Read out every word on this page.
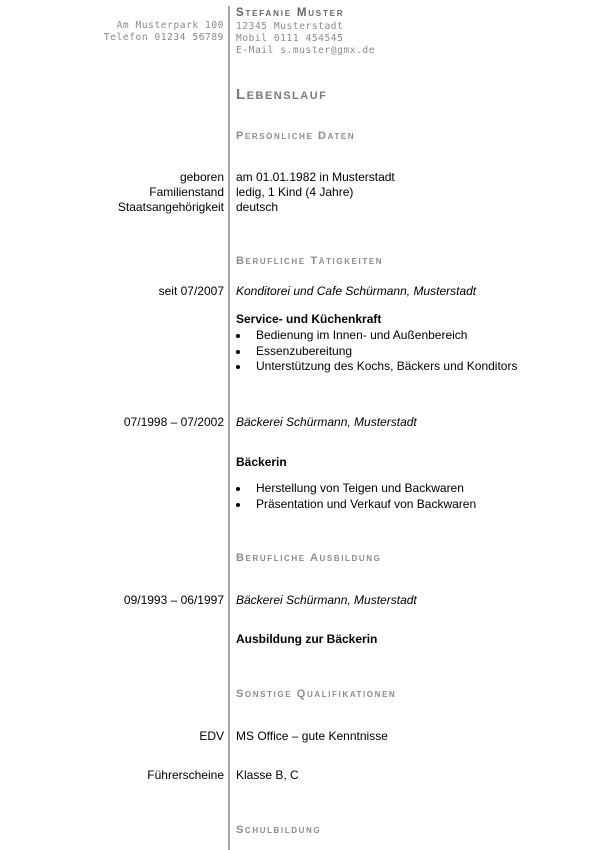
Am Musterpark 100
Telefon 01234 56789
Stefanie Muster
12345 Musterstadt
Mobil 0111 454545
E-Mail s.muster@gmx.de
Lebenslauf
Persönliche Daten
geboren am 01.01.1982 in Musterstadt
Familienstand ledig, 1 Kind (4 Jahre)
Staatsangehörigkeit deutsch
Berufliche Tätigkeiten
seit 07/2007 Konditorei und Cafe Schürmann, Musterstadt
Service- und Küchenkraft
Bedienung im Innen- und Außenbereich
Essenzubereitung
Unterstützung des Kochs, Bäckers und Konditors
07/1998 – 07/2002 Bäckerei Schürmann, Musterstadt
Bäckerin
Herstellung von Teigen und Backwaren
Präsentation und Verkauf von Backwaren
Berufliche Ausbildung
09/1993 – 06/1997 Bäckerei Schürmann, Musterstadt
Ausbildung zur Bäckerin
Sonstige Qualifikationen
EDV MS Office – gute Kenntnisse
Führerscheine Klasse B, C
Schulbildung
